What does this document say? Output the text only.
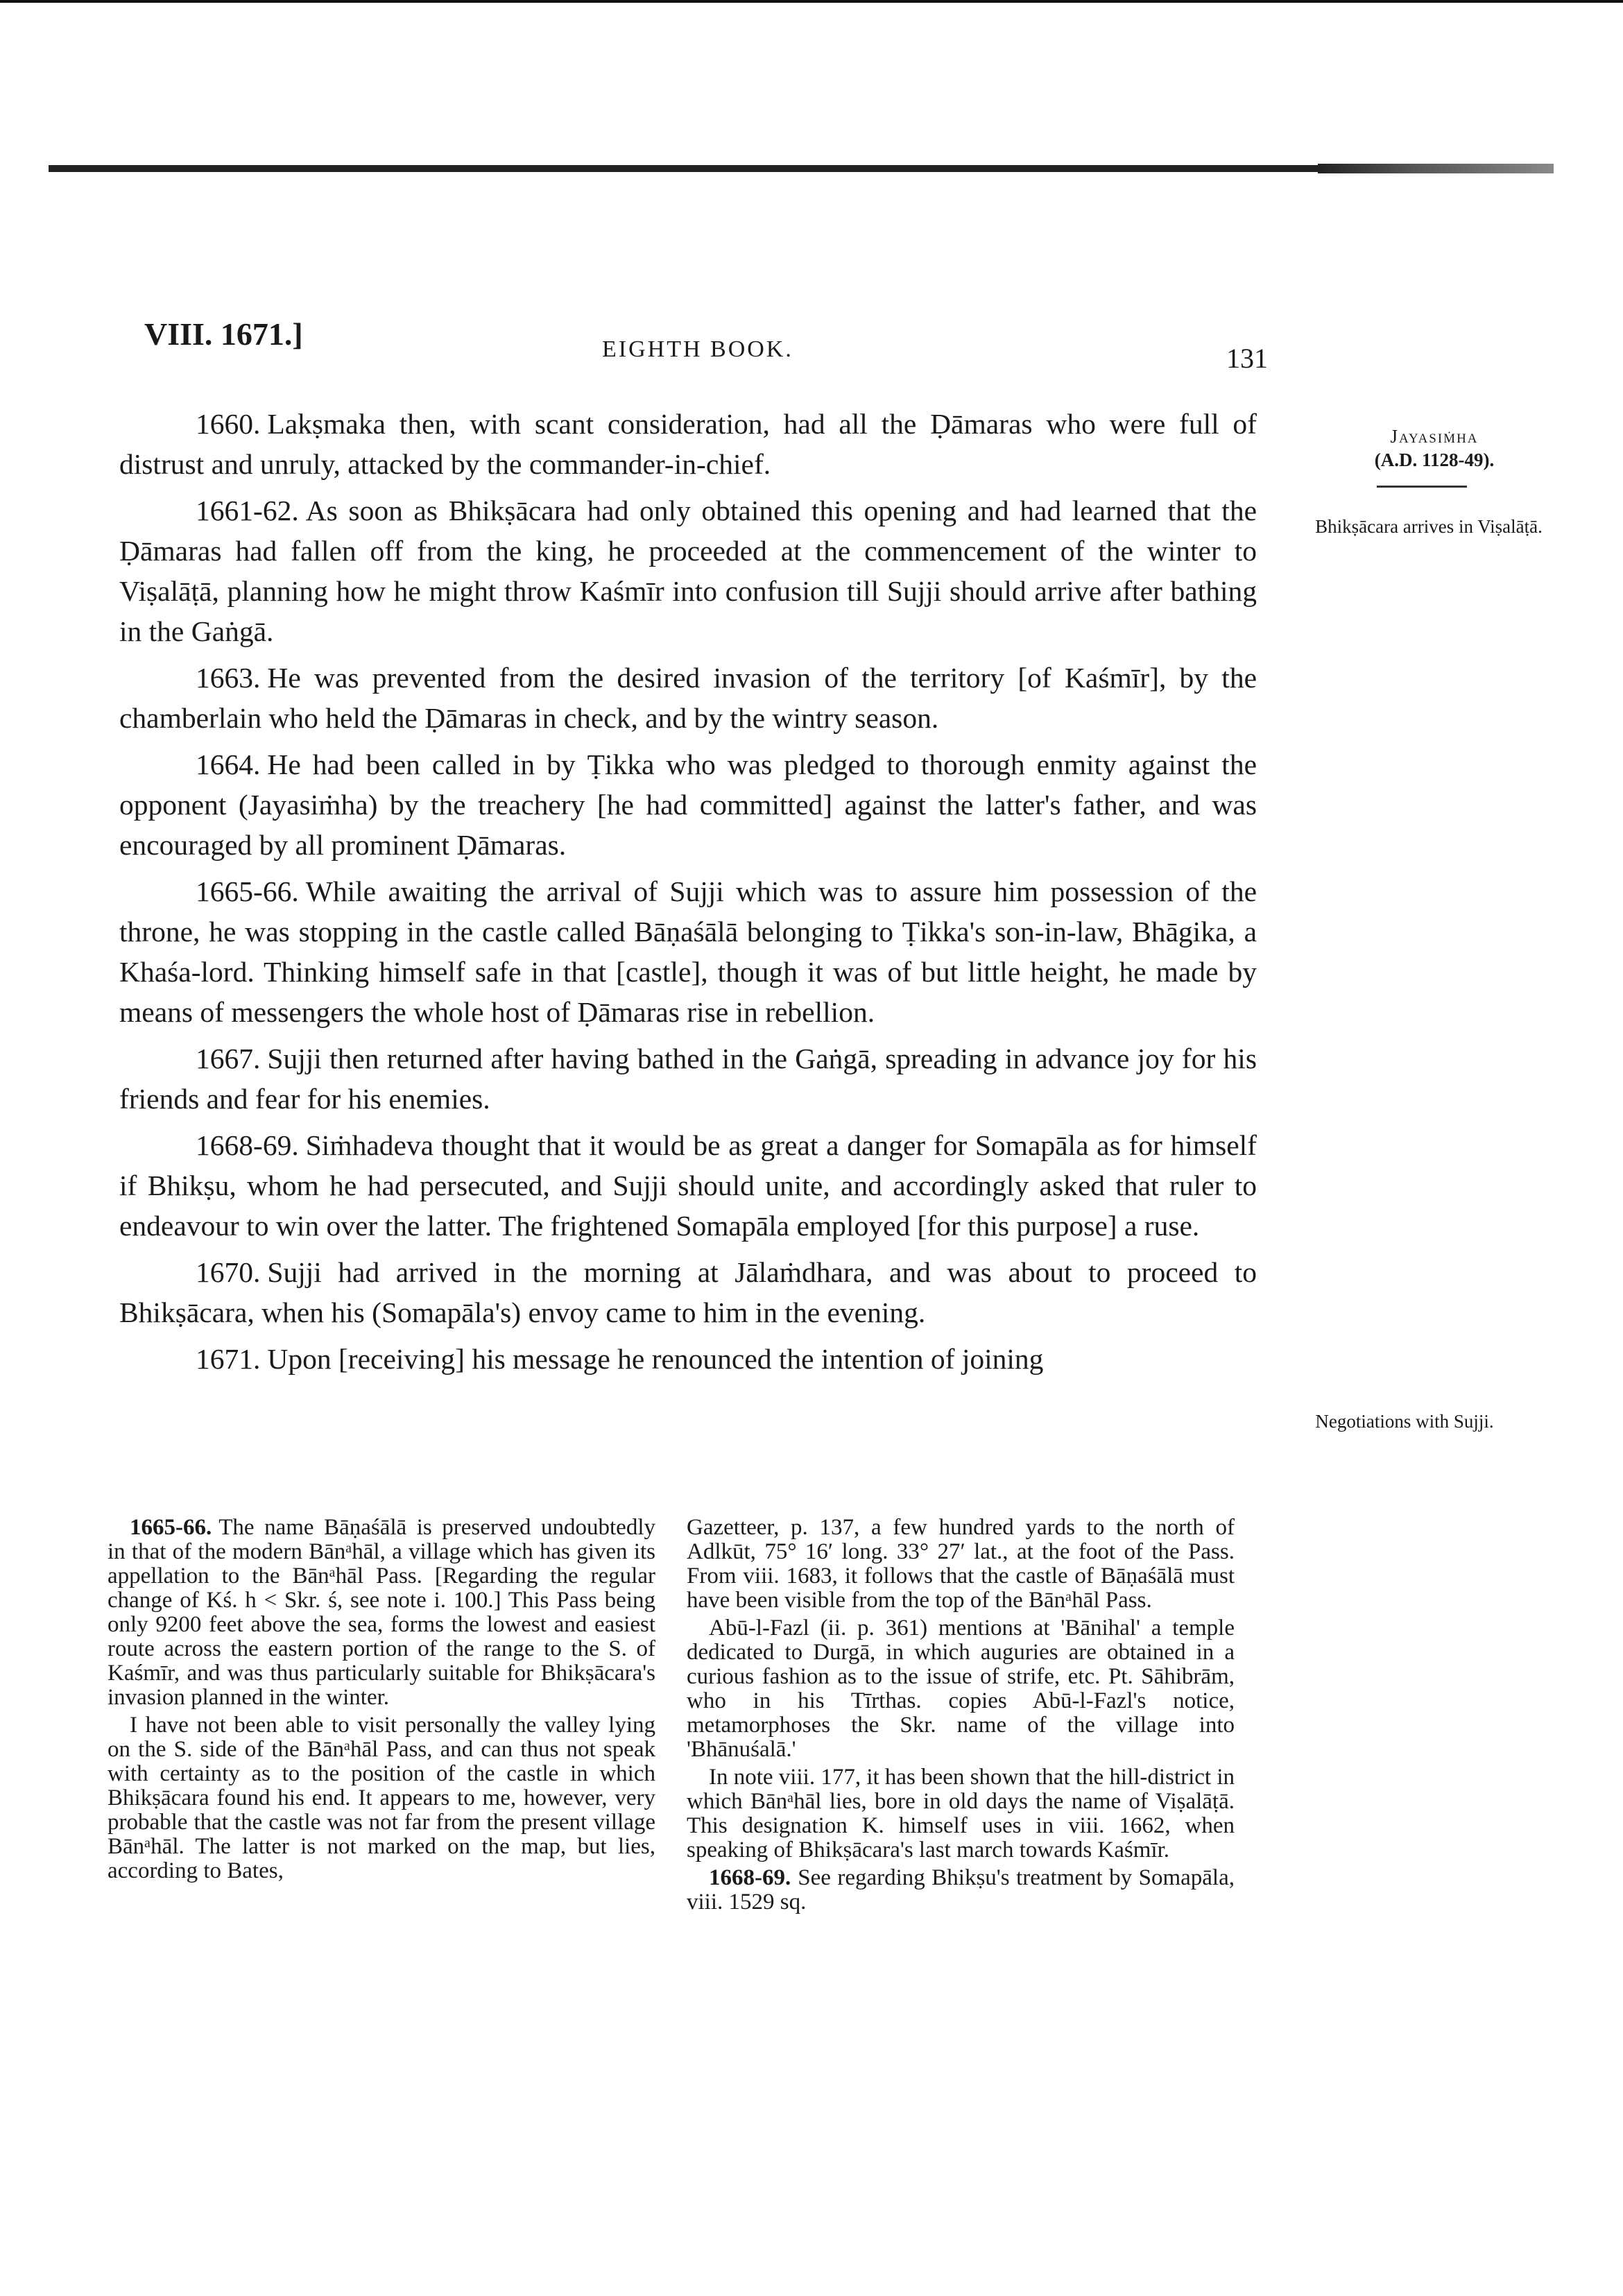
VIII. 1671.]	EIGHTH BOOK.	131
Jayasiṁha
(A.D. 1128-49).
Bhikṣācara arrives in Viṣalāṭā.
Negotiations with Sujji.

1660. Lakṣmaka then, with scant consideration, had all the Ḍāmaras who were full of distrust and unruly, attacked by the commander-in-chief.

1661-62. As soon as Bhikṣācara had only obtained this opening and had learned that the Ḍāmaras had fallen off from the king, he proceeded at the commencement of the winter to Viṣalāṭā, planning how he might throw Kaśmīr into confusion till Sujji should arrive after bathing in the Gaṅgā.

1663. He was prevented from the desired invasion of the territory [of Kaśmīr], by the chamberlain who held the Ḍāmaras in check, and by the wintry season.

1664. He had been called in by Ṭikka who was pledged to thorough enmity against the opponent (Jayasiṁha) by the treachery [he had committed] against the latter's father, and was encouraged by all prominent Ḍāmaras.

1665-66. While awaiting the arrival of Sujji which was to assure him possession of the throne, he was stopping in the castle called Bāṇaśālā belonging to Ṭikka's son-in-law, Bhāgika, a Khaśa-lord. Thinking himself safe in that [castle], though it was of but little height, he made by means of messengers the whole host of Ḍāmaras rise in rebellion.

1667. Sujji then returned after having bathed in the Gaṅgā, spreading in advance joy for his friends and fear for his enemies.

1668-69. Siṁhadeva thought that it would be as great a danger for Somapāla as for himself if Bhikṣu, whom he had persecuted, and Sujji should unite, and accordingly asked that ruler to endeavour to win over the latter. The frightened Somapāla employed [for this purpose] a ruse.

1670. Sujji had arrived in the morning at Jālaṁdhara, and was about to proceed to Bhikṣācara, when his (Somapāla's) envoy came to him in the evening.

1671. Upon [receiving] his message he renounced the intention of joining

1665-66. The name Bāṇaśālā is preserved undoubtedly in that of the modern Bānᵃhāl, a village which has given its appellation to the Bānᵃhāl Pass. [Regarding the regular change of Kś. h < Skr. ś, see note i. 100.] This Pass being only 9200 feet above the sea, forms the lowest and easiest route across the eastern portion of the range to the S. of Kaśmīr, and was thus particularly suitable for Bhikṣācara's invasion planned in the winter.

I have not been able to visit personally the valley lying on the S. side of the Bānᵃhāl Pass, and can thus not speak with certainty as to the position of the castle in which Bhikṣācara found his end. It appears to me, however, very probable that the castle was not far from the present village Bānᵃhāl. The latter is not marked on the map, but lies, according to Bates,

Gazetteer, p. 137, a few hundred yards to the north of Adlkūt, 75° 16′ long. 33° 27′ lat., at the foot of the Pass. From viii. 1683, it follows that the castle of Bāṇaśālā must have been visible from the top of the Bānᵃhāl Pass.

Abū-l-Fazl (ii. p. 361) mentions at 'Bānihal' a temple dedicated to Durgā, in which auguries are obtained in a curious fashion as to the issue of strife, etc. Pt. Sāhibrām, who in his Tīrthas. copies Abū-l-Fazl's notice, metamorphoses the Skr. name of the village into 'Bhānuśalā.'

In note viii. 177, it has been shown that the hill-district in which Bānᵃhāl lies, bore in old days the name of Viṣalāṭā. This designation K. himself uses in viii. 1662, when speaking of Bhikṣācara's last march towards Kaśmīr.

1668-69. See regarding Bhikṣu's treatment by Somapāla, viii. 1529 sq.
